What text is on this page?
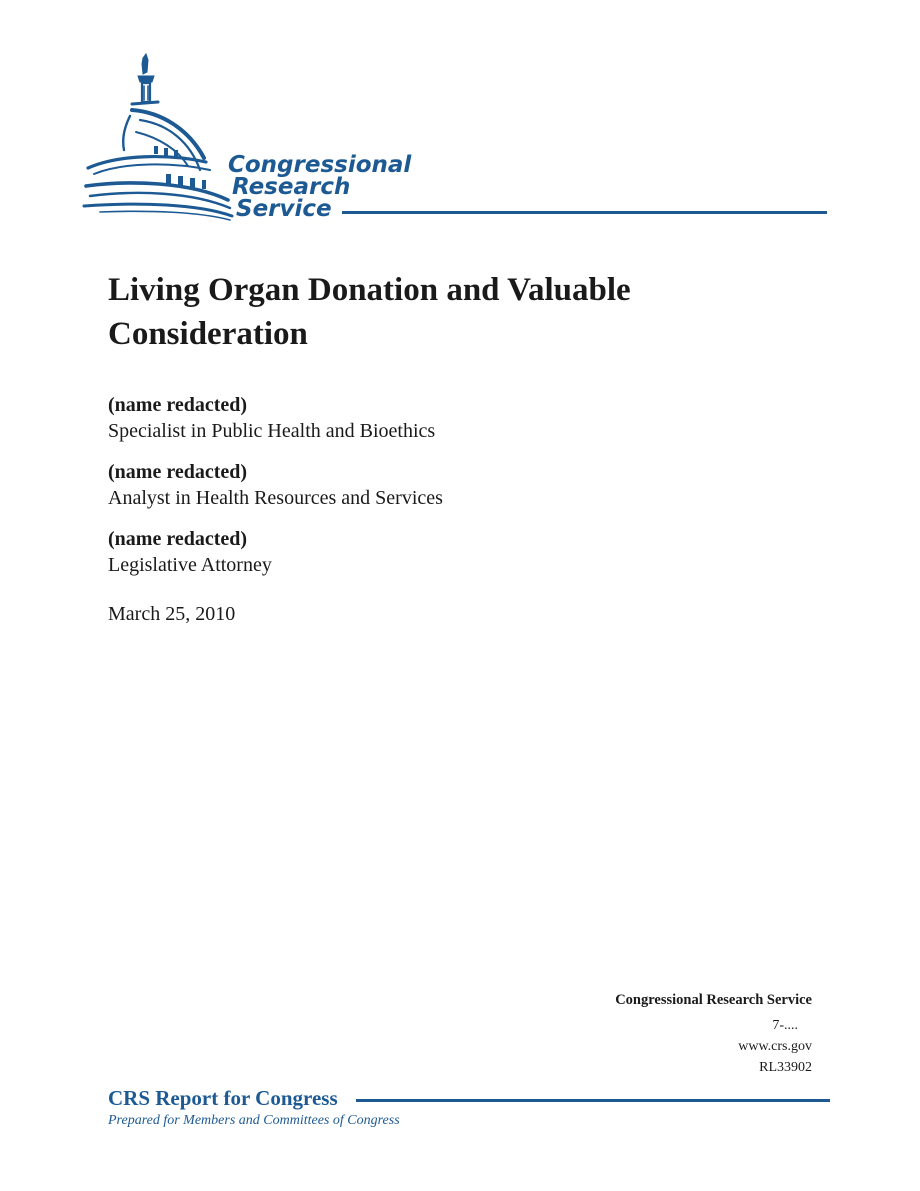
Congressional
Research
Service
Living Organ Donation and Valuable Consideration
(name redacted)
Specialist in Public Health and Bioethics
(name redacted)
Analyst in Health Resources and Services
(name redacted)
Legislative Attorney
March 25, 2010
Congressional Research Service
7-....
www.crs.gov
RL33902
CRS Report for Congress
Prepared for Members and Committees of Congress
